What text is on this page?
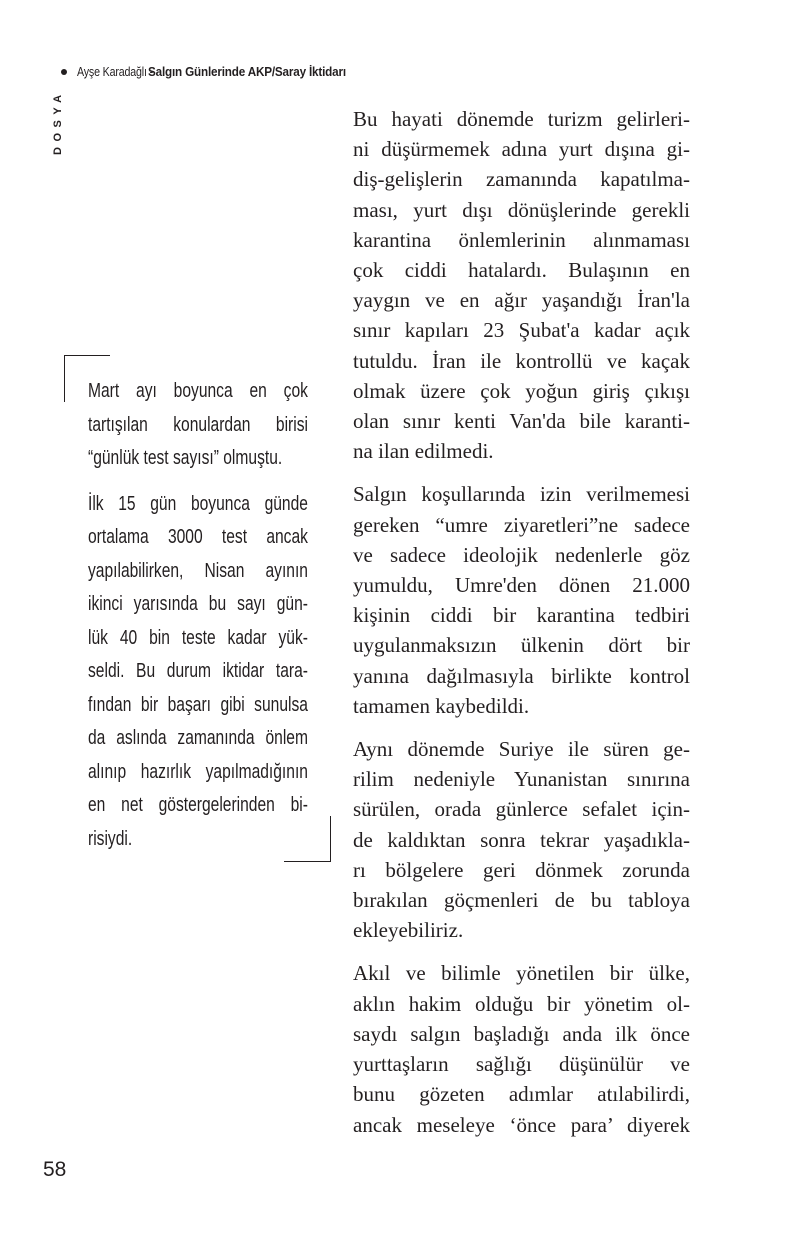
Ayşe Karadağlı -
Salgın Günlerinde AKP/Saray İktidarı
DOSYA

Mart ayı boyunca en çok
tartışılan konulardan birisi
“günlük test sayısı” olmuştu.

İlk 15 gün boyunca günde
ortalama 3000 test ancak
yapılabilirken, Nisan ayının
ikinci yarısında bu sayı gün-
lük 40 bin teste kadar yük-
seldi. Bu durum iktidar tara-
fından bir başarı gibi sunulsa
da aslında zamanında önlem
alınıp hazırlık yapılmadığının
en net göstergelerinden bi-
risiydi.

Bu hayati dönemde turizm gelirleri-
ni düşürmemek adına yurt dışına gi-
diş-gelişlerin zamanında kapatılma-
ması, yurt dışı dönüşlerinde gerekli
karantina önlemlerinin alınmaması
çok ciddi hatalardı. Bulaşının en
yaygın ve en ağır yaşandığı İran'la
sınır kapıları 23 Şubat'a kadar açık
tutuldu. İran ile kontrollü ve kaçak
olmak üzere çok yoğun giriş çıkışı
olan sınır kenti Van'da bile karanti-
na ilan edilmedi.

Salgın koşullarında izin verilmemesi
gereken “umre ziyaretleri”ne sadece
ve sadece ideolojik nedenlerle göz
yumuldu, Umre'den dönen 21.000
kişinin ciddi bir karantina tedbiri
uygulanmaksızın ülkenin dört bir
yanına dağılmasıyla birlikte kontrol
tamamen kaybedildi.

Aynı dönemde Suriye ile süren ge-
rilim nedeniyle Yunanistan sınırına
sürülen, orada günlerce sefalet için-
de kaldıktan sonra tekrar yaşadıkla-
rı bölgelere geri dönmek zorunda
bırakılan göçmenleri de bu tabloya
ekleyebiliriz.

Akıl ve bilimle yönetilen bir ülke,
aklın hakim olduğu bir yönetim ol-
saydı salgın başladığı anda ilk önce
yurttaşların sağlığı düşünülür ve
bunu gözeten adımlar atılabilirdi,
ancak meseleye ‘önce para’ diyerek

58
